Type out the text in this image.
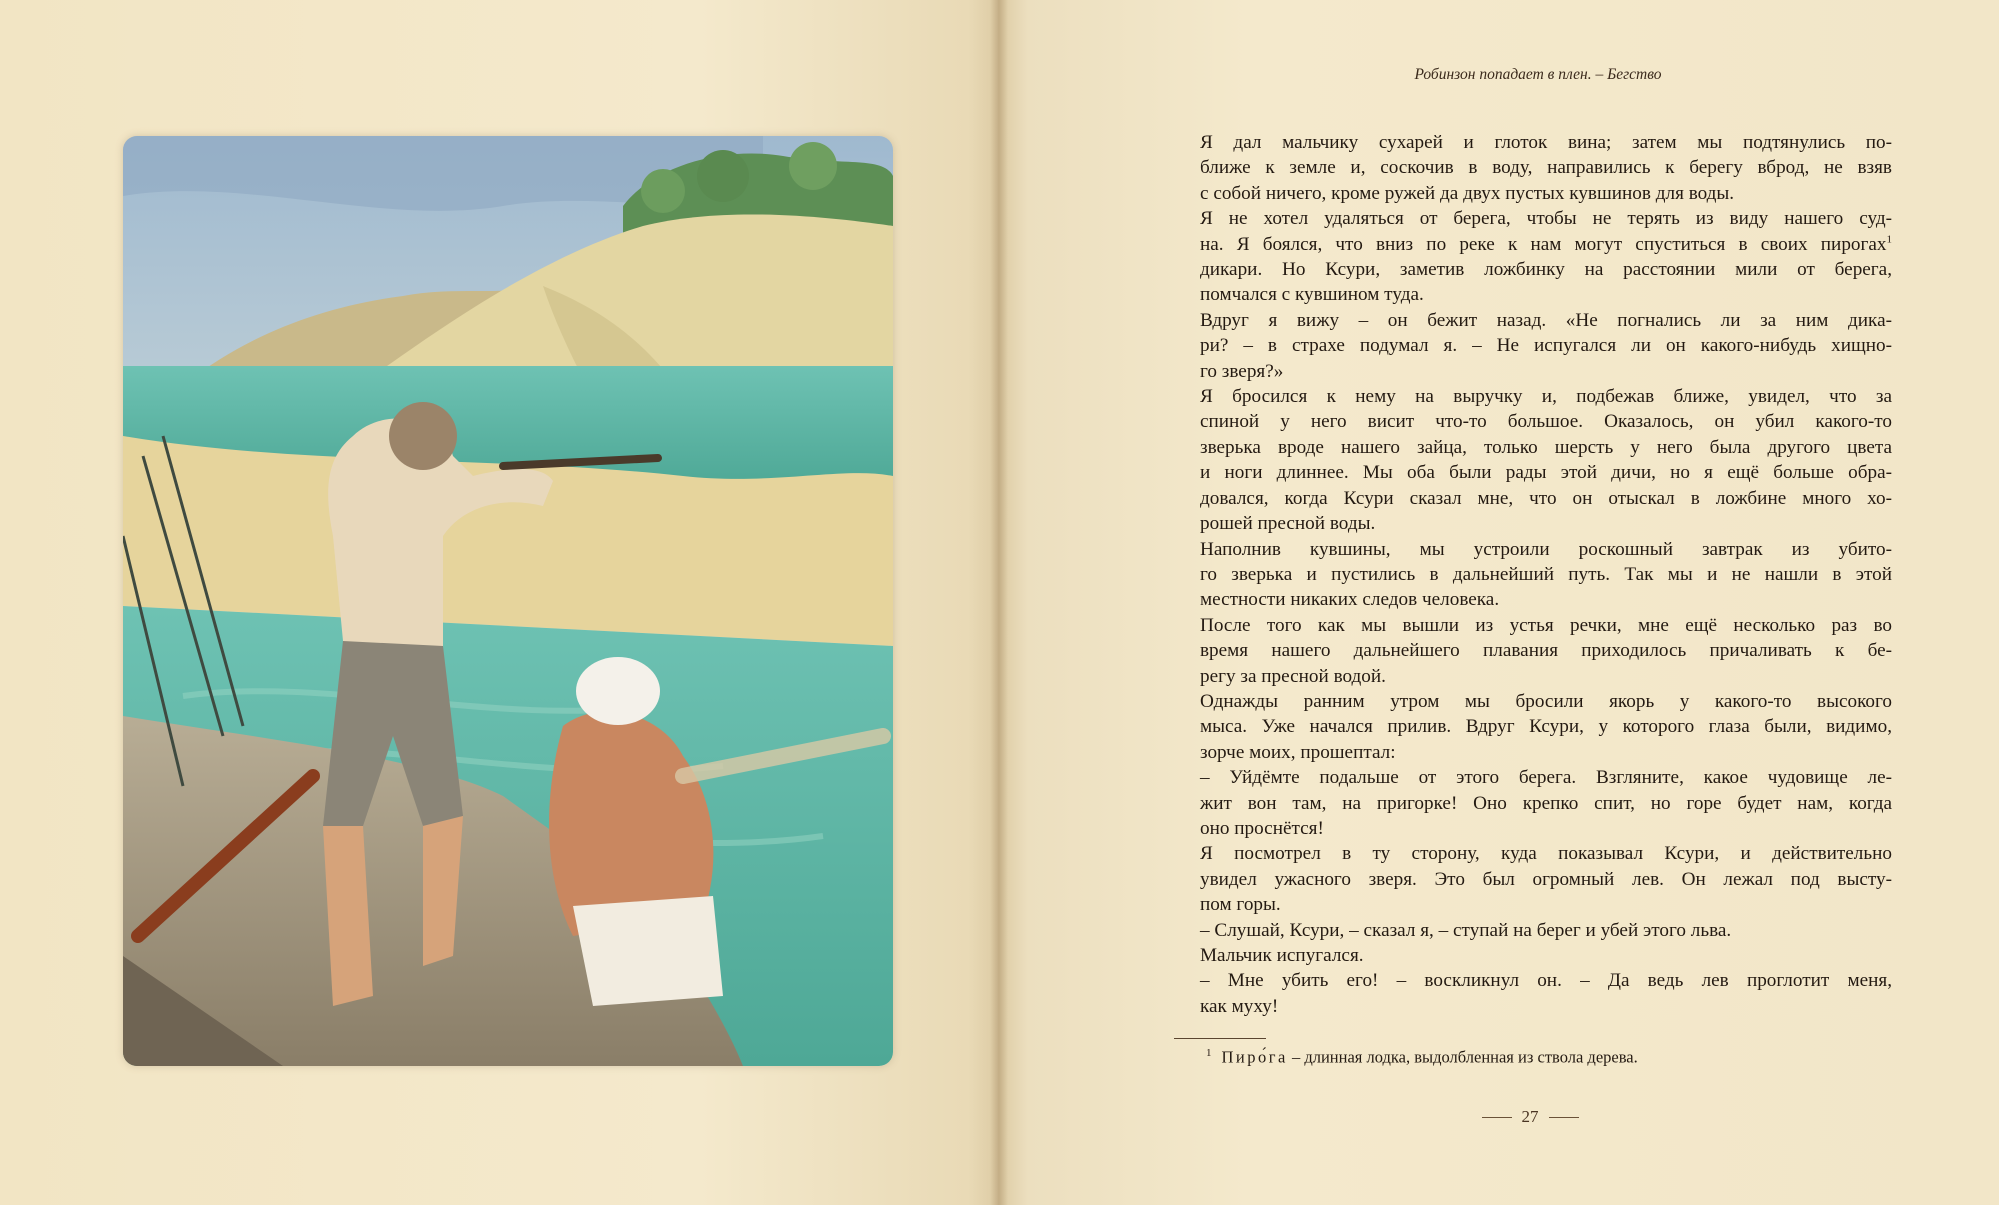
Робинзон попадает в плен. – Бегство

Я дал мальчику сухарей и глоток вина; затем мы подтянулись по-
ближе к земле и, соскочив в воду, направились к берегу вброд, не взяв
с собой ничего, кроме ружей да двух пустых кувшинов для воды.

Я не хотел удаляться от берега, чтобы не терять из виду нашего суд-
на. Я боялся, что вниз по реке к нам могут спуститься в своих пирогах$^1$
дикари. Но Ксури, заметив ложбинку на расстоянии мили от берега,
помчался с кувшином туда.

Вдруг я вижу – он бежит назад. «Не погнались ли за ним дика-
ри? – в страхе подумал я. – Не испугался ли он какого-нибудь хищно-
го зверя?»

Я бросился к нему на выручку и, подбежав ближе, увидел, что за
спиной у него висит что-то большое. Оказалось, он убил какого-то
зверька вроде нашего зайца, только шерсть у него была другого цвета
и ноги длиннее. Мы оба были рады этой дичи, но я ещё больше обра-
довался, когда Ксури сказал мне, что он отыскал в ложбине много хо-
рошей пресной воды.

Наполнив кувшины, мы устроили роскошный завтрак из убито-
го зверька и пустились в дальнейший путь. Так мы и не нашли в этой
местности никаких следов человека.

После того как мы вышли из устья речки, мне ещё несколько раз во
время нашего дальнейшего плавания приходилось причаливать к бе-
регу за пресной водой.

Однажды ранним утром мы бросили якорь у какого-то высокого
мыса. Уже начался прилив. Вдруг Ксури, у которого глаза были, видимо,
зорче моих, прошептал:

– Уйдёмте подальше от этого берега. Взгляните, какое чудовище ле-
жит вон там, на пригорке! Оно крепко спит, но горе будет нам, когда
оно проснётся!

Я посмотрел в ту сторону, куда показывал Ксури, и действительно
увидел ужасного зверя. Это был огромный лев. Он лежал под высту-
пом горы.

– Слушай, Ксури, – сказал я, – ступай на берег и убей этого льва.

Мальчик испугался.

– Мне убить его! – воскликнул он. – Да ведь лев проглотит меня,
как муху!

$^1$ Пиро́га – длинная лодка, выдолбленная из ствола дерева.
27
